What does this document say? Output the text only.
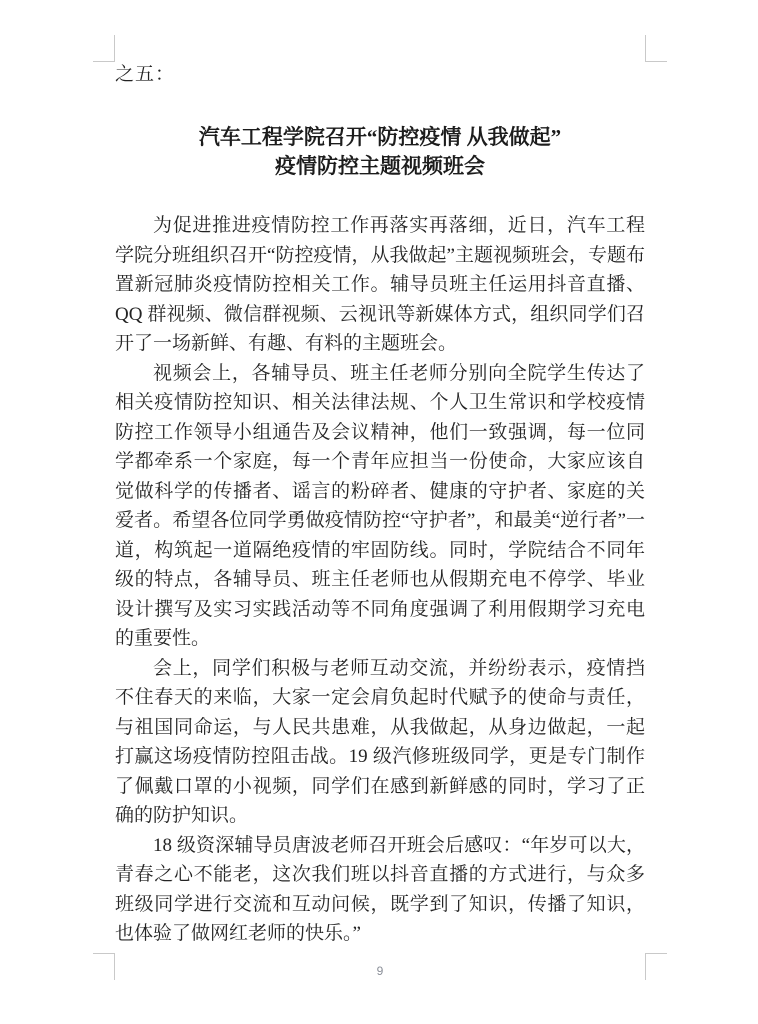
之五：
汽车工程学院召开“防控疫情 从我做起”
疫情防控主题视频班会

为促进推进疫情防控工作再落实再落细，近日，汽车工程学院分班组织召开“防控疫情，从我做起”主题视频班会，专题布置新冠肺炎疫情防控相关工作。辅导员班主任运用抖音直播、QQ 群视频、微信群视频、云视讯等新媒体方式，组织同学们召开了一场新鲜、有趣、有料的主题班会。

视频会上，各辅导员、班主任老师分别向全院学生传达了相关疫情防控知识、相关法律法规、个人卫生常识和学校疫情防控工作领导小组通告及会议精神，他们一致强调，每一位同学都牵系一个家庭，每一个青年应担当一份使命，大家应该自觉做科学的传播者、谣言的粉碎者、健康的守护者、家庭的关爱者。希望各位同学勇做疫情防控“守护者”，和最美“逆行者”一道，构筑起一道隔绝疫情的牢固防线。同时，学院结合不同年级的特点，各辅导员、班主任老师也从假期充电不停学、毕业设计撰写及实习实践活动等不同角度强调了利用假期学习充电的重要性。

会上，同学们积极与老师互动交流，并纷纷表示，疫情挡不住春天的来临，大家一定会肩负起时代赋予的使命与责任，与祖国同命运，与人民共患难，从我做起，从身边做起，一起打赢这场疫情防控阻击战。19 级汽修班级同学，更是专门制作了佩戴口罩的小视频，同学们在感到新鲜感的同时，学习了正确的防护知识。

18 级资深辅导员唐波老师召开班会后感叹：“年岁可以大，青春之心不能老，这次我们班以抖音直播的方式进行，与众多班级同学进行交流和互动问候，既学到了知识，传播了知识，也体验了做网红老师的快乐。”

9
